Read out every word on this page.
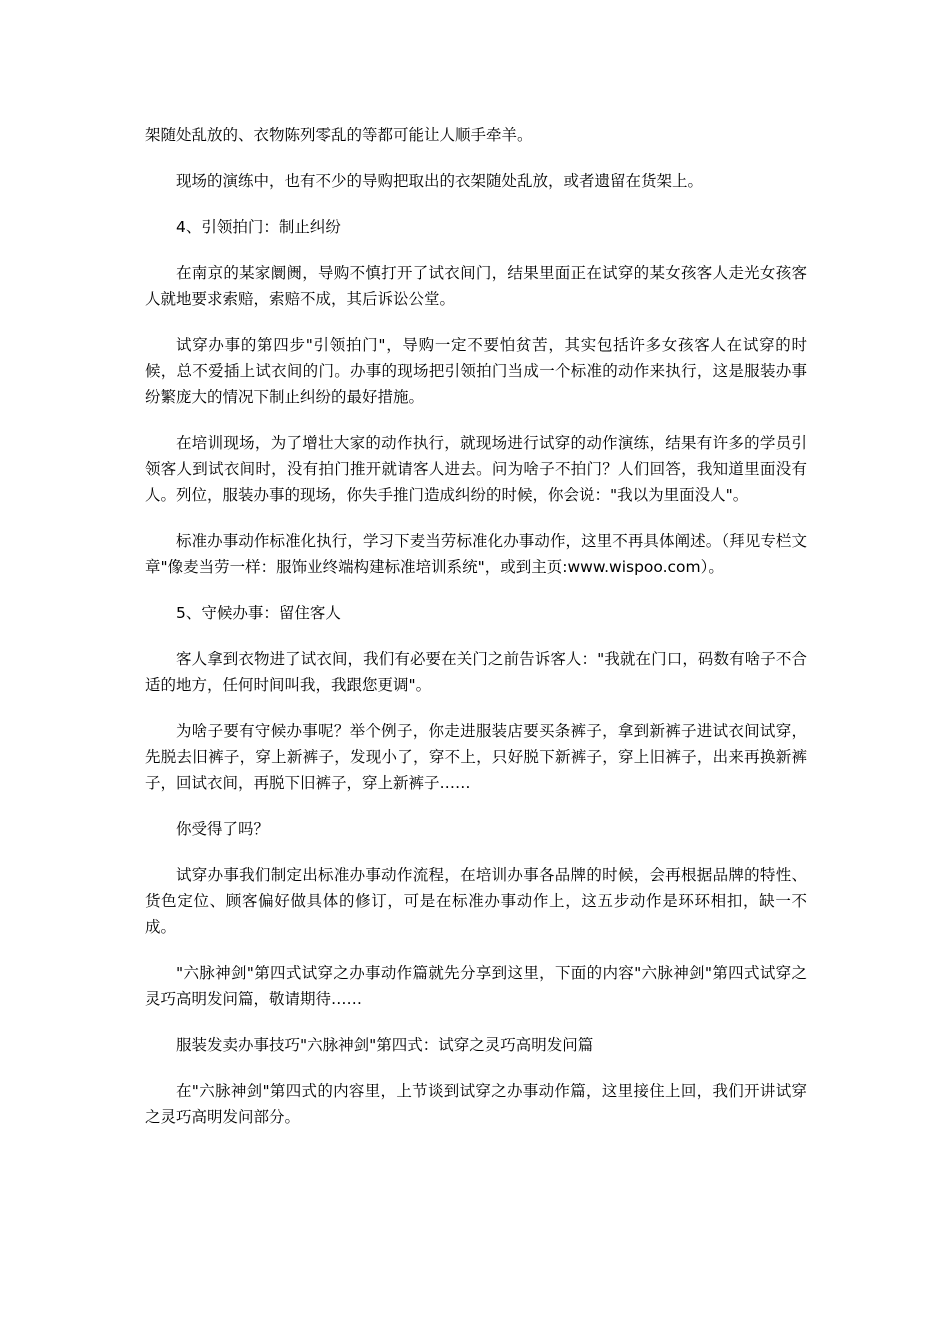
架随处乱放的、衣物陈列零乱的等都可能让人顺手牵羊。

现场的演练中，也有不少的导购把取出的衣架随处乱放，或者遗留在货架上。

4、引领拍门：制止纠纷

在南京的某家阛阓，导购不慎打开了试衣间门，结果里面正在试穿的某女孩客人走光女孩客人就地要求索赔，索赔不成，其后诉讼公堂。

试穿办事的第四步"引领拍门"，导购一定不要怕贫苦，其实包括许多女孩客人在试穿的时候，总不爱插上试衣间的门。办事的现场把引领拍门当成一个标准的动作来执行，这是服装办事纷繁庞大的情况下制止纠纷的最好措施。

在培训现场，为了增壮大家的动作执行，就现场进行试穿的动作演练，结果有许多的学员引领客人到试衣间时，没有拍门推开就请客人进去。问为啥子不拍门？人们回答，我知道里面没有人。列位，服装办事的现场，你失手推门造成纠纷的时候，你会说："我以为里面没人"。

标准办事动作标准化执行，学习下麦当劳标准化办事动作，这里不再具体阐述。（拜见专栏文章"像麦当劳一样：服饰业终端构建标准培训系统"，或到主页:www.wispoo.com）。

5、守候办事：留住客人

客人拿到衣物进了试衣间，我们有必要在关门之前告诉客人："我就在门口，码数有啥子不合适的地方，任何时间叫我，我跟您更调"。

为啥子要有守候办事呢？举个例子，你走进服装店要买条裤子，拿到新裤子进试衣间试穿，先脱去旧裤子，穿上新裤子，发现小了，穿不上，只好脱下新裤子，穿上旧裤子，出来再换新裤子，回试衣间，再脱下旧裤子，穿上新裤子……

你受得了吗？

试穿办事我们制定出标准办事动作流程，在培训办事各品牌的时候，会再根据品牌的特性、货色定位、顾客偏好做具体的修订，可是在标准办事动作上，这五步动作是环环相扣，缺一不成。

"六脉神剑"第四式试穿之办事动作篇就先分享到这里，下面的内容"六脉神剑"第四式试穿之灵巧高明发问篇，敬请期待……

服装发卖办事技巧"六脉神剑"第四式：试穿之灵巧高明发问篇

在"六脉神剑"第四式的内容里，上节谈到试穿之办事动作篇，这里接住上回，我们开讲试穿之灵巧高明发问部分。
